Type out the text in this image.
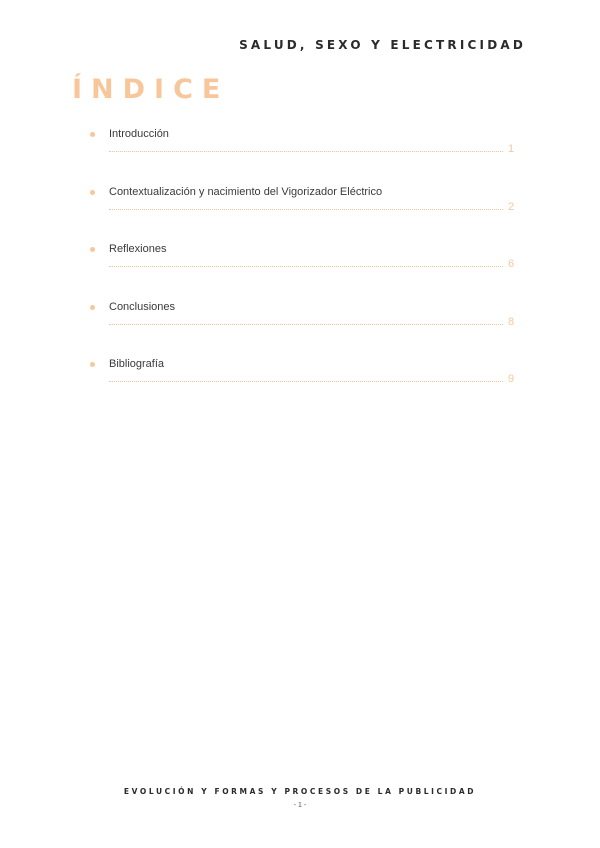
SALUD, SEXO Y ELECTRICIDAD
ÍNDICE
Introducción
1
Contextualización y nacimiento del Vigorizador Eléctrico
2
Reflexiones
6
Conclusiones
8
Bibliografía
9
EVOLUCIÓN Y FORMAS Y PROCESOS DE LA PUBLICIDAD
- 1 -
